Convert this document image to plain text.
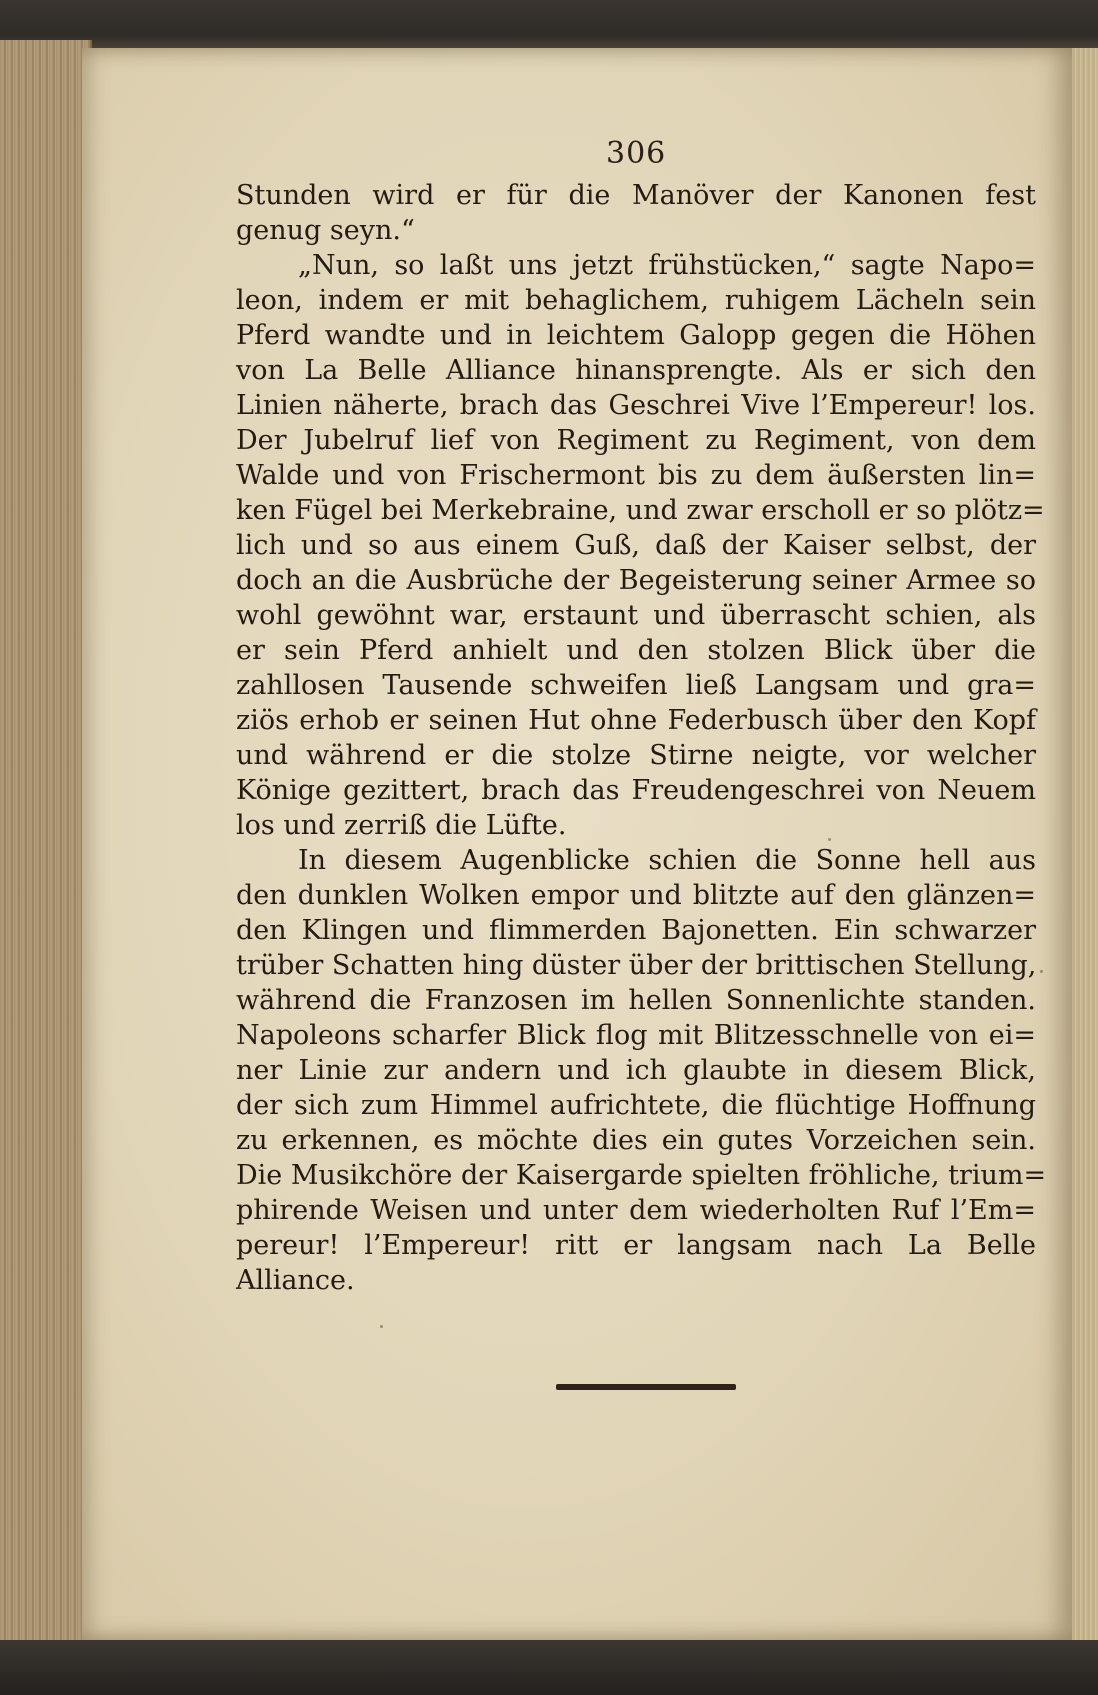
306
Stunden wird er für die Manöver der Kanonen fest
genug seyn.“
„Nun, so laßt uns jetzt frühstücken,“ sagte Napo=
leon, indem er mit behaglichem, ruhigem Lächeln sein
Pferd wandte und in leichtem Galopp gegen die Höhen
von La Belle Alliance hinansprengte. Als er sich den
Linien näherte, brach das Geschrei Vive l’Empereur! los.
Der Jubelruf lief von Regiment zu Regiment, von dem
Walde und von Frischermont bis zu dem äußersten lin=
ken Fügel bei Merkebraine, und zwar erscholl er so plötz=
lich und so aus einem Guß, daß der Kaiser selbst, der
doch an die Ausbrüche der Begeisterung seiner Armee so
wohl gewöhnt war, erstaunt und überrascht schien, als
er sein Pferd anhielt und den stolzen Blick über die
zahllosen Tausende schweifen ließ Langsam und gra=
ziös erhob er seinen Hut ohne Federbusch über den Kopf
und während er die stolze Stirne neigte, vor welcher
Könige gezittert, brach das Freudengeschrei von Neuem
los und zerriß die Lüfte.
In diesem Augenblicke schien die Sonne hell aus
den dunklen Wolken empor und blitzte auf den glänzen=
den Klingen und flimmerden Bajonetten. Ein schwarzer
trüber Schatten hing düster über der brittischen Stellung,
während die Franzosen im hellen Sonnenlichte standen.
Napoleons scharfer Blick flog mit Blitzesschnelle von ei=
ner Linie zur andern und ich glaubte in diesem Blick,
der sich zum Himmel aufrichtete, die flüchtige Hoffnung
zu erkennen, es möchte dies ein gutes Vorzeichen sein.
Die Musikchöre der Kaisergarde spielten fröhliche, trium=
phirende Weisen und unter dem wiederholten Ruf l’Em=
pereur! l’Empereur! ritt er langsam nach La Belle
Alliance.
